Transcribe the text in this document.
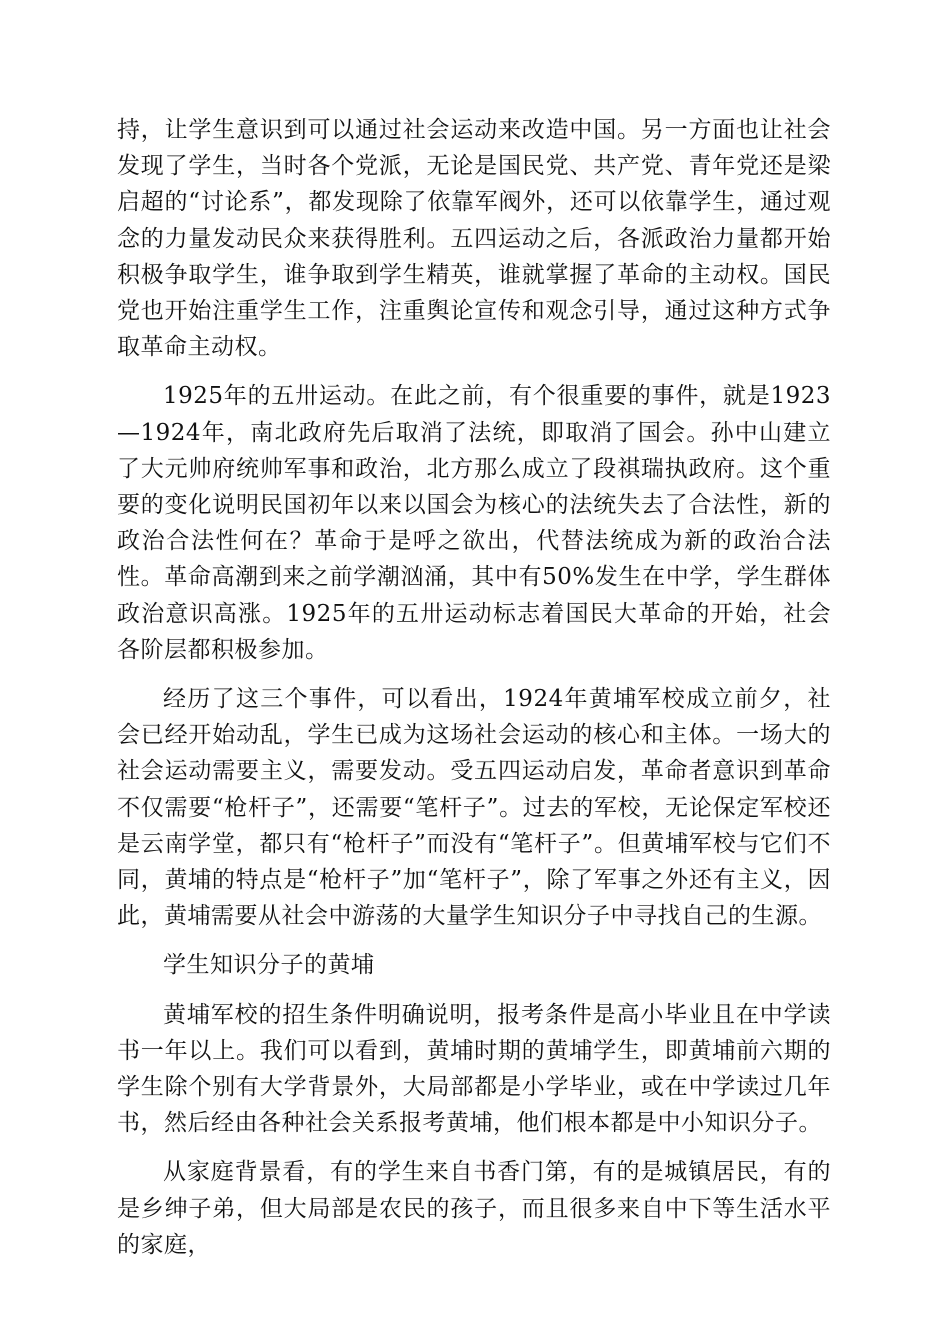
持，让学生意识到可以通过社会运动来改造中国。另一方面也让社会发现了学生，当时各个党派，无论是国民党、共产党、青年党还是梁启超的“讨论系”，都发现除了依靠军阀外，还可以依靠学生，通过观念的力量发动民众来获得胜利。五四运动之后，各派政治力量都开始积极争取学生，谁争取到学生精英，谁就掌握了革命的主动权。国民党也开始注重学生工作，注重舆论宣传和观念引导，通过这种方式争取革命主动权。

1925年的五卅运动。在此之前，有个很重要的事件，就是1923—1924年，南北政府先后取消了法统，即取消了国会。孙中山建立了大元帅府统帅军事和政治，北方那么成立了段祺瑞执政府。这个重要的变化说明民国初年以来以国会为核心的法统失去了合法性，新的政治合法性何在？革命于是呼之欲出，代替法统成为新的政治合法性。革命高潮到来之前学潮汹涌，其中有50%发生在中学，学生群体政治意识高涨。1925年的五卅运动标志着国民大革命的开始，社会各阶层都积极参加。

经历了这三个事件，可以看出，1924年黄埔军校成立前夕，社会已经开始动乱，学生已成为这场社会运动的核心和主体。一场大的社会运动需要主义，需要发动。受五四运动启发，革命者意识到革命不仅需要“枪杆子”，还需要“笔杆子”。过去的军校，无论保定军校还是云南学堂，都只有“枪杆子”而没有“笔杆子”。但黄埔军校与它们不同，黄埔的特点是“枪杆子”加“笔杆子”，除了军事之外还有主义，因此，黄埔需要从社会中游荡的大量学生知识分子中寻找自己的生源。

学生知识分子的黄埔

黄埔军校的招生条件明确说明，报考条件是高小毕业且在中学读书一年以上。我们可以看到，黄埔时期的黄埔学生，即黄埔前六期的学生除个别有大学背景外，大局部都是小学毕业，或在中学读过几年书，然后经由各种社会关系报考黄埔，他们根本都是中小知识分子。

从家庭背景看，有的学生来自书香门第，有的是城镇居民，有的是乡绅子弟，但大局部是农民的孩子，而且很多来自中下等生活水平的家庭，
